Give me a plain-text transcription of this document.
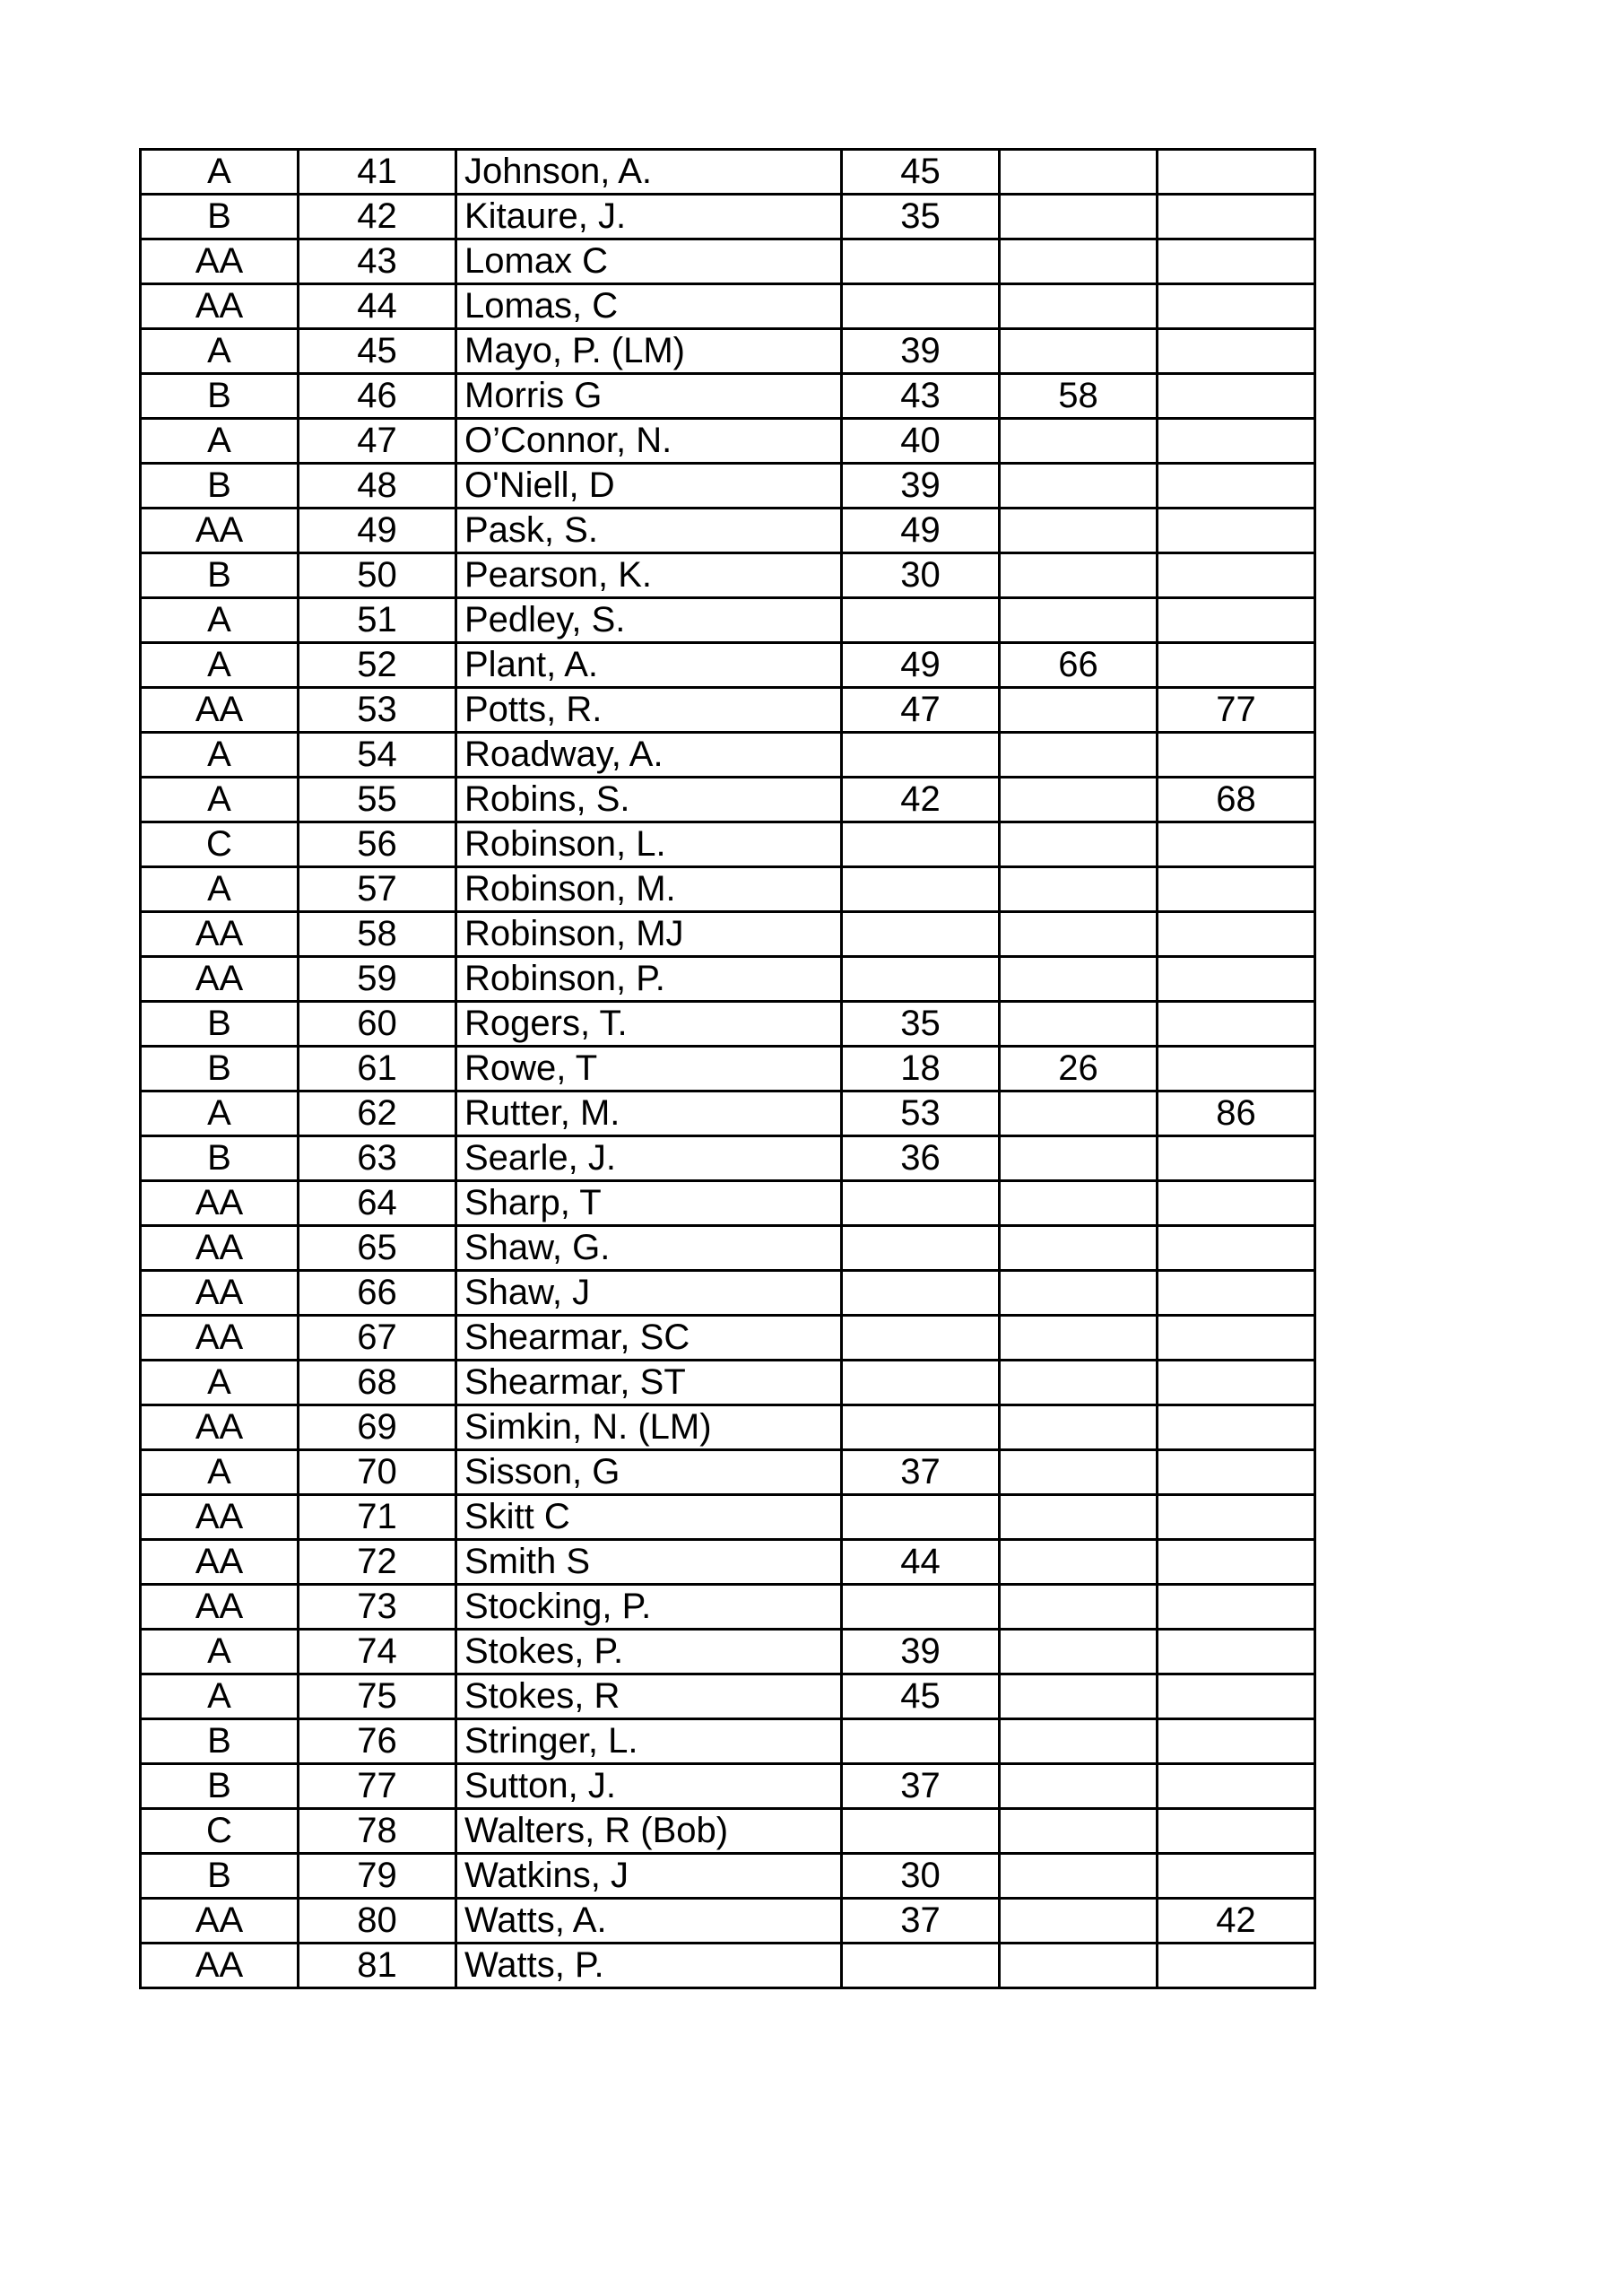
A	41	Johnson, A.	45		
B	42	Kitaure, J.	35		
AA	43	Lomax C			
AA	44	Lomas, C			
A	45	Mayo, P. (LM)	39		
B	46	Morris G	43	58	
A	47	O’Connor, N.	40		
B	48	O'Niell, D	39		
AA	49	Pask, S.	49		
B	50	Pearson, K.	30		
A	51	Pedley, S.			
A	52	Plant, A.	49	66	
AA	53	Potts, R.	47		77
A	54	Roadway, A.			
A	55	Robins, S.	42		68
C	56	Robinson, L.			
A	57	Robinson, M.			
AA	58	Robinson, MJ			
AA	59	Robinson, P.			
B	60	Rogers, T.	35		
B	61	Rowe, T	18	26	
A	62	Rutter, M.	53		86
B	63	Searle, J.	36		
AA	64	Sharp, T			
AA	65	Shaw, G.			
AA	66	Shaw, J			
AA	67	Shearmar, SC			
A	68	Shearmar, ST			
AA	69	Simkin, N. (LM)			
A	70	Sisson, G	37		
AA	71	Skitt C			
AA	72	Smith S	44		
AA	73	Stocking, P.			
A	74	Stokes, P.	39		
A	75	Stokes, R	45		
B	76	Stringer, L.			
B	77	Sutton, J.	37		
C	78	Walters, R (Bob)			
B	79	Watkins, J	30		
AA	80	Watts, A.	37		42
AA	81	Watts, P.			
